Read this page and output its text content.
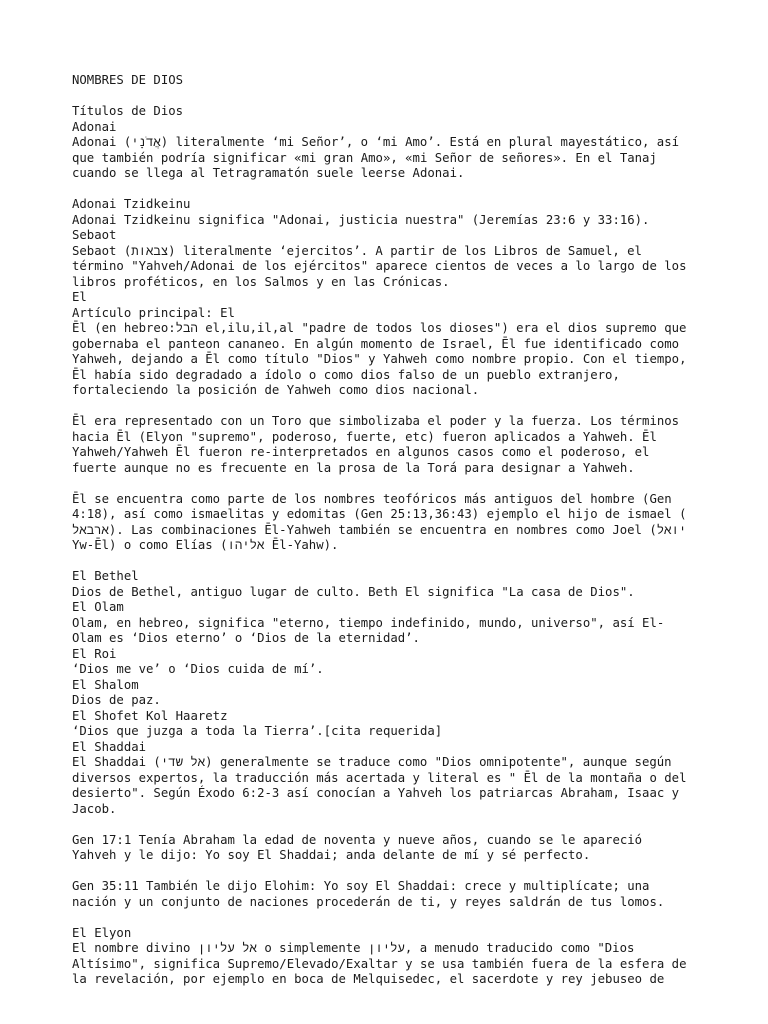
NOMBRES DE DIOS
Títulos de Dios
Adonai
Adonai (אֲדֹנָי) literalmente ‘mi Señor’, o ‘mi Amo’. Está en plural mayestático, así
que también podría significar «mi gran Amo», «mi Señor de señores». En el Tanaj
cuando se llega al Tetragramatón suele leerse Adonai.
Adonai Tzidkeinu
Adonai Tzidkeinu significa "Adonai, justicia nuestra" (Jeremías 23:6 y 33:16).
Sebaot
Sebaot (צבאות) literalmente ‘ejercitos’. A partir de los Libros de Samuel, el
término "Yahveh/Adonai de los ejércitos" aparece cientos de veces a lo largo de los
libros proféticos, en los Salmos y en las Crónicas.
El
Artículo principal: El
Ēl (en hebreo:הבל el,ilu,il,al "padre de todos los dioses") era el dios supremo que
gobernaba el panteon cananeo. En algún momento de Israel, Ēl fue identificado como
Yahweh, dejando a Ēl como título "Dios" y Yahweh como nombre propio. Con el tiempo,
Ēl había sido degradado a ídolo o como dios falso de un pueblo extranjero,
fortaleciendo la posición de Yahweh como dios nacional.
Ēl era representado con un Toro que simbolizaba el poder y la fuerza. Los términos
hacia Ēl (Elyon "supremo", poderoso, fuerte, etc) fueron aplicados a Yahweh. Ēl
Yahweh/Yahweh Ēl fueron re-interpretados en algunos casos como el poderoso, el
fuerte aunque no es frecuente en la prosa de la Torá para designar a Yahweh.
Ēl se encuentra como parte de los nombres teofóricos más antiguos del hombre (Gen
4:18), así como ismaelitas y edomitas (Gen 25:13,36:43) ejemplo el hijo de ismael (
ארבאל). Las combinaciones Ēl-Yahweh también se encuentra en nombres como Joel (יואל
Yw-Ēl) o como Elías (אליהו Ēl-Yahw).
El Bethel
Dios de Bethel, antiguo lugar de culto. Beth El significa "La casa de Dios".
El Olam
Olam, en hebreo, significa "eterno, tiempo indefinido, mundo, universo", así El-
Olam es ‘Dios eterno’ o ‘Dios de la eternidad’.
El Roi
‘Dios me ve’ o ‘Dios cuida de mí’.
El Shalom
Dios de paz.
El Shofet Kol Haaretz
‘Dios que juzga a toda la Tierra’.[cita requerida]
El Shaddai
El Shaddai (אל שדי) generalmente se traduce como "Dios omnipotente", aunque según
diversos expertos, la traducción más acertada y literal es " Ēl de la montaña o del
desierto". Según Éxodo 6:2-3 así conocían a Yahveh los patriarcas Abraham, Isaac y
Jacob.
Gen 17:1 Tenía Abraham la edad de noventa y nueve años, cuando se le apareció
Yahveh y le dijo: Yo soy El Shaddai; anda delante de mí y sé perfecto.
Gen 35:11 También le dijo Elohim: Yo soy El Shaddai: crece y multiplícate; una
nación y un conjunto de naciones procederán de ti, y reyes saldrán de tus lomos.
El Elyon
El nombre divino אל עליון o simplemente עליון, a menudo traducido como "Dios
Altísimo", significa Supremo/Elevado/Exaltar y se usa también fuera de la esfera de
la revelación, por ejemplo en boca de Melquisedec, el sacerdote y rey jebuseo de
